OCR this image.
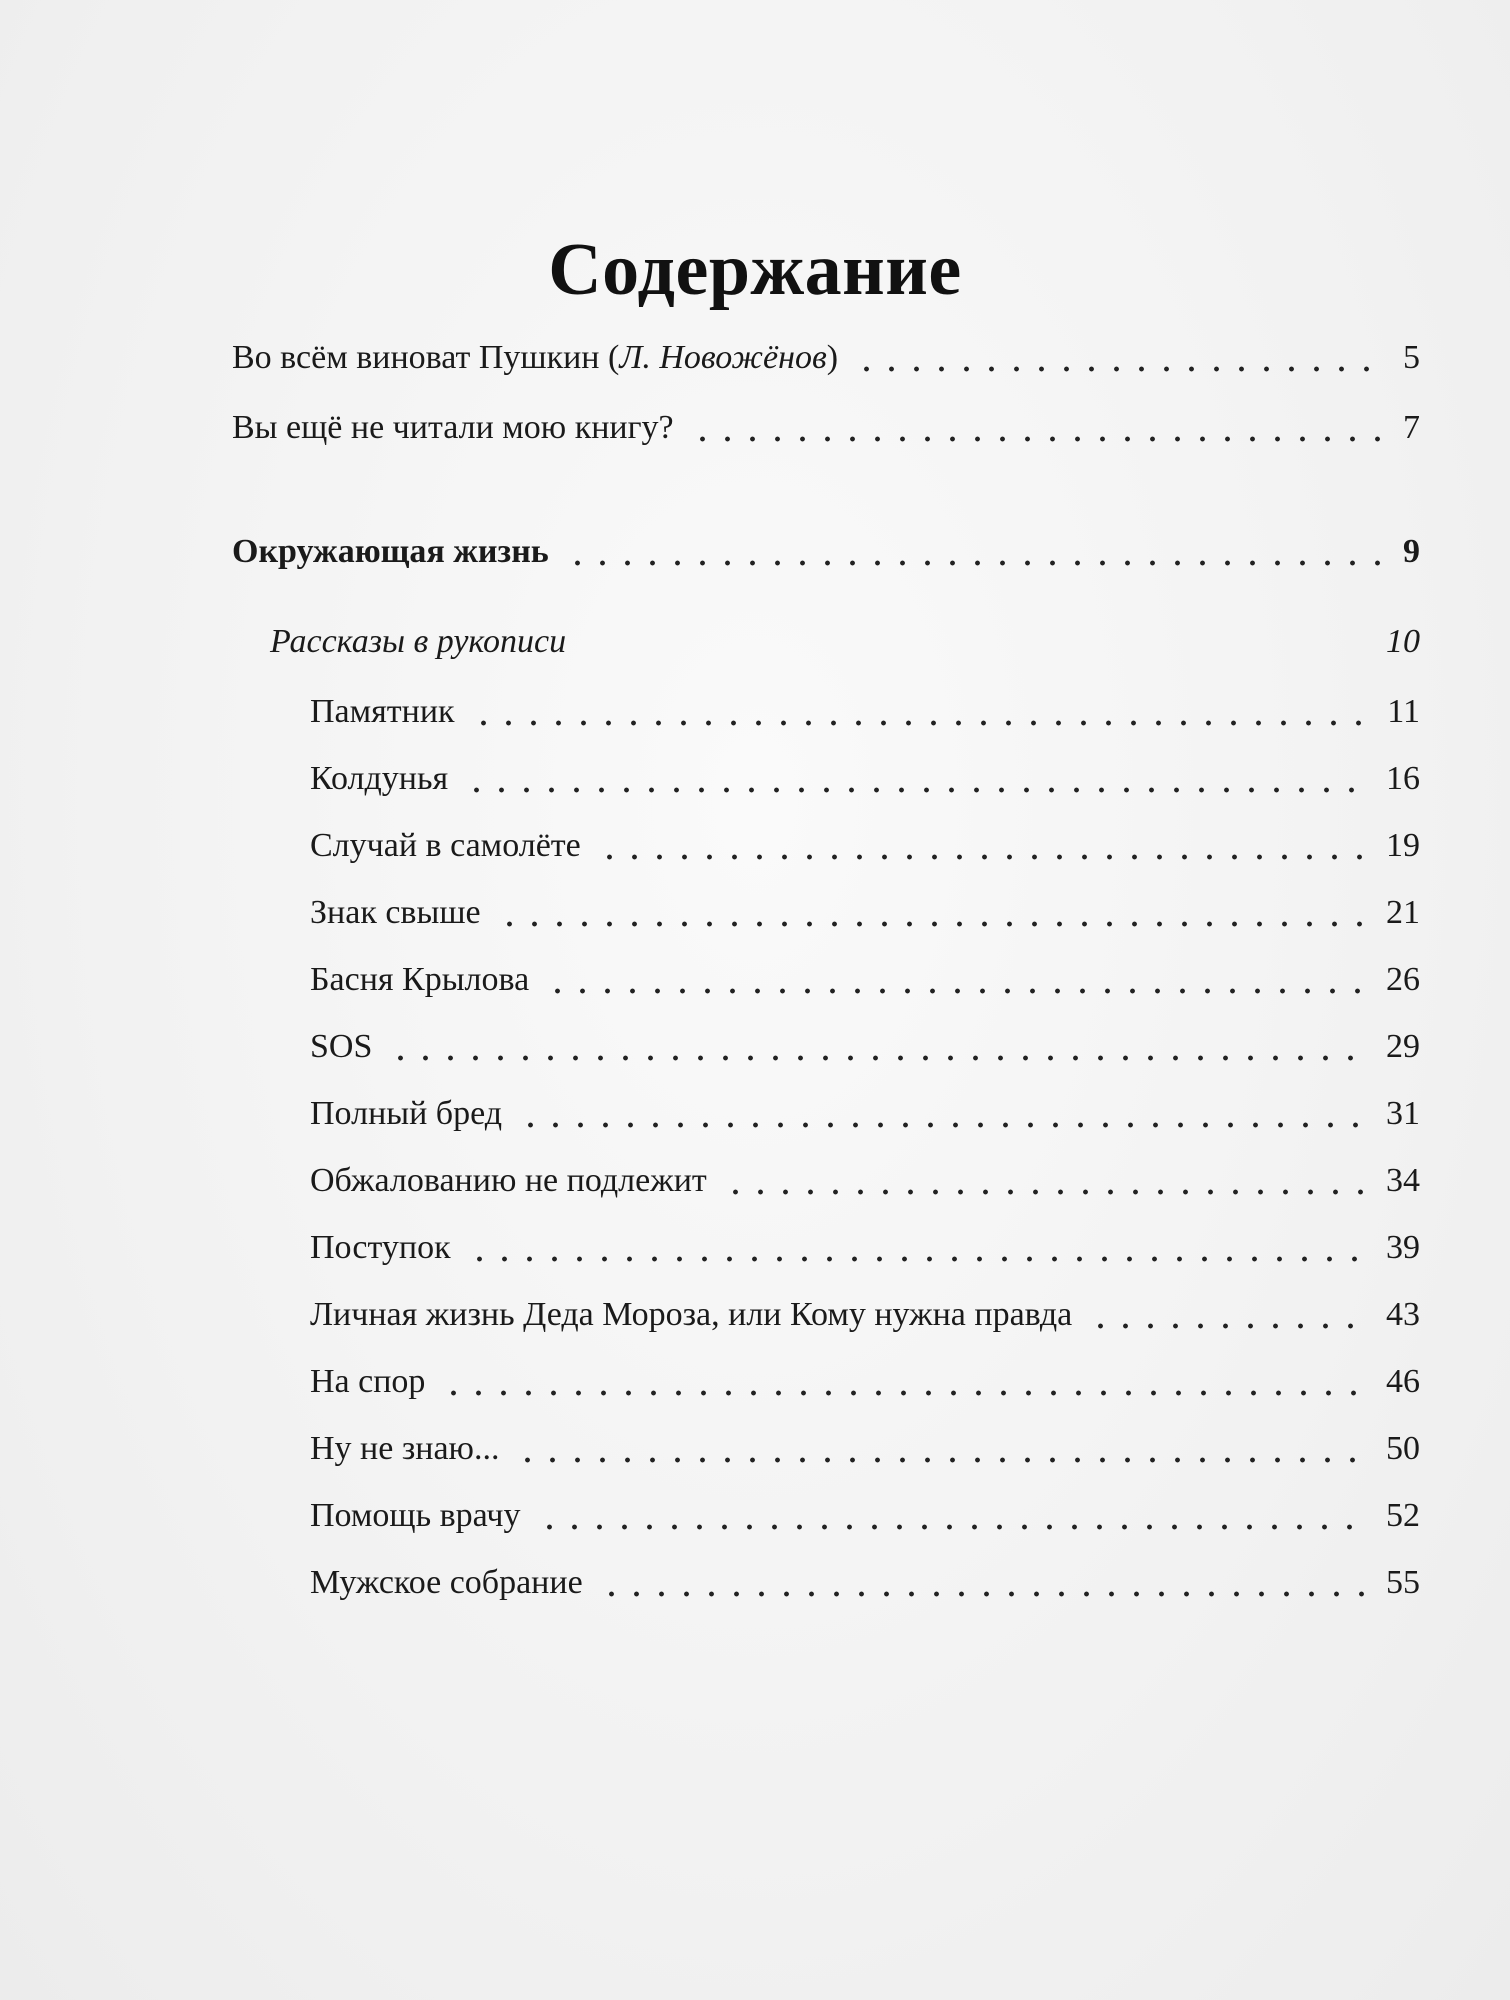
Содержание
Во всём виноват Пушкин (Л. Новожёнов)	5
Вы ещё не читали мою книгу?	7
Окружающая жизнь	9
Рассказы в рукописи	10
Памятник	11
Колдунья	16
Случай в самолёте	19
Знак свыше	21
Басня Крылова	26
SOS	29
Полный бред	31
Обжалованию не подлежит	34
Поступок	39
Личная жизнь Деда Мороза, или Кому нужна правда	43
На спор	46
Ну не знаю...	50
Помощь врачу	52
Мужское собрание	55
